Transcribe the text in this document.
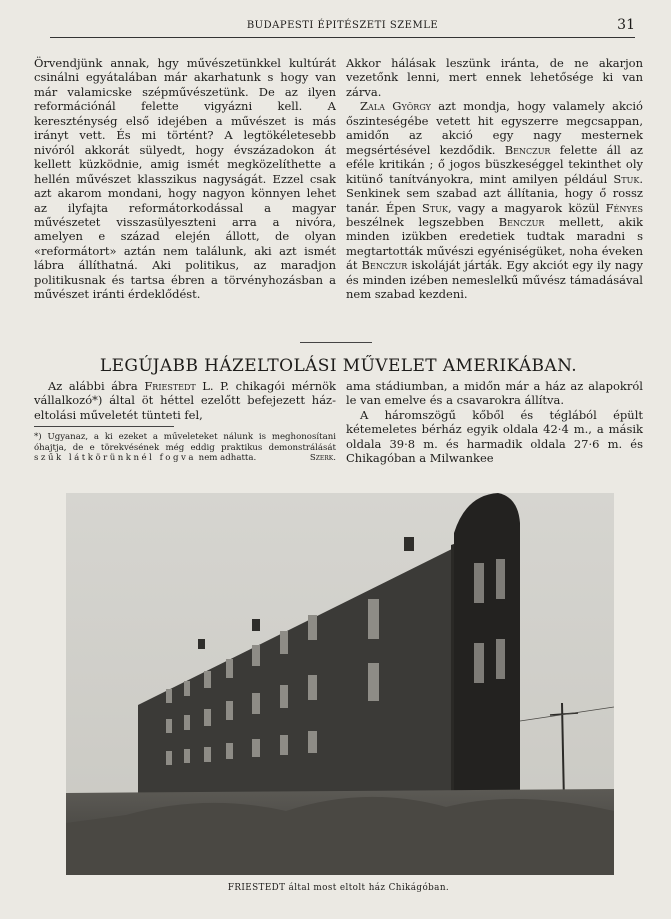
BUDAPESTI ÉPITÉSZETI SZEMLE	31

Örvendjünk annak, hgy művészetünkkel kultúrát csinálni egyátalában már akarhatunk s hogy van már valamicske szépművészetünk. De az ilyen reformációnál felette vigyázni kell. A kereszténység első idejében a művészet is más irányt vett. És mi történt? A legtökéletesebb nivóról akkorát sülyedt, hogy évszázadokon át kellett küzködnie, amig ismét megközelíthette a hellén művészet klasszikus nagyságát. Ezzel csak azt akarom mondani, hogy nagyon könnyen lehet az ilyfajta reformátorkodással a magyar művészetet visszasülyeszteni arra a nivóra, amelyen e század elején állott, de olyan «reformátort» aztán nem találunk, aki azt ismét lábra állíthatná. Aki politikus, az maradjon politikusnak és tartsa ébren a törvényhozásban a művészet iránti érdeklődést.

Akkor hálásak leszünk iránta, de ne akarjon vezetőnk lenni, mert ennek lehetősége ki van zárva.

Zala György azt mondja, hogy valamely akció őszinteségébe vetett hit egyszerre megcsappan, amidőn az akció egy nagy mesternek megsértésével kezdődik. Benczur felette áll az eféle kritikán ; ő jogos büszkeséggel tekinthet oly kitünő tanítványokra, mint amilyen például Stuk. Senkinek sem szabad azt állítania, hogy ő rossz tanár. Épen Stuk, vagy a magyarok közül Fényes beszélnek legszebben Benczur mellett, akik minden izükben eredetiek tudtak maradni s megtartották művészi egyéniségüket, noha éveken át Benczur iskoláját járták. Egy akciót egy ily nagy és minden izében nemeslelkű művész támadásával nem szabad kezdeni.

LEGÚJABB HÁZELTOLÁSI MŰVELET AMERIKÁBAN.

Az alábbi ábra Friestedt L. P. chikagói mérnök vállalkozó*) által öt héttel ezelőtt befejezett ház-eltolási műveletét tünteti fel,

*) Ugyanaz, a ki ezeket a műveleteket nálunk is meghonosítani óhajtja, de e törekvésének még eddig praktikus demonstrálását szűk látkörünknél fogva nem adhatta.	Szerk.

ama stádiumban, a midőn már a ház az alapokról le van emelve és a csavarokra állítva.

A háromszögű kőből és téglából épült kétemeletes bérház egyik oldala 42·4 m., a másik oldala 39·8 m. és harmadik oldala 27·6 m. és Chikagóban a Milwankee

FRIESTEDT által most eltolt ház Chikágóban.
